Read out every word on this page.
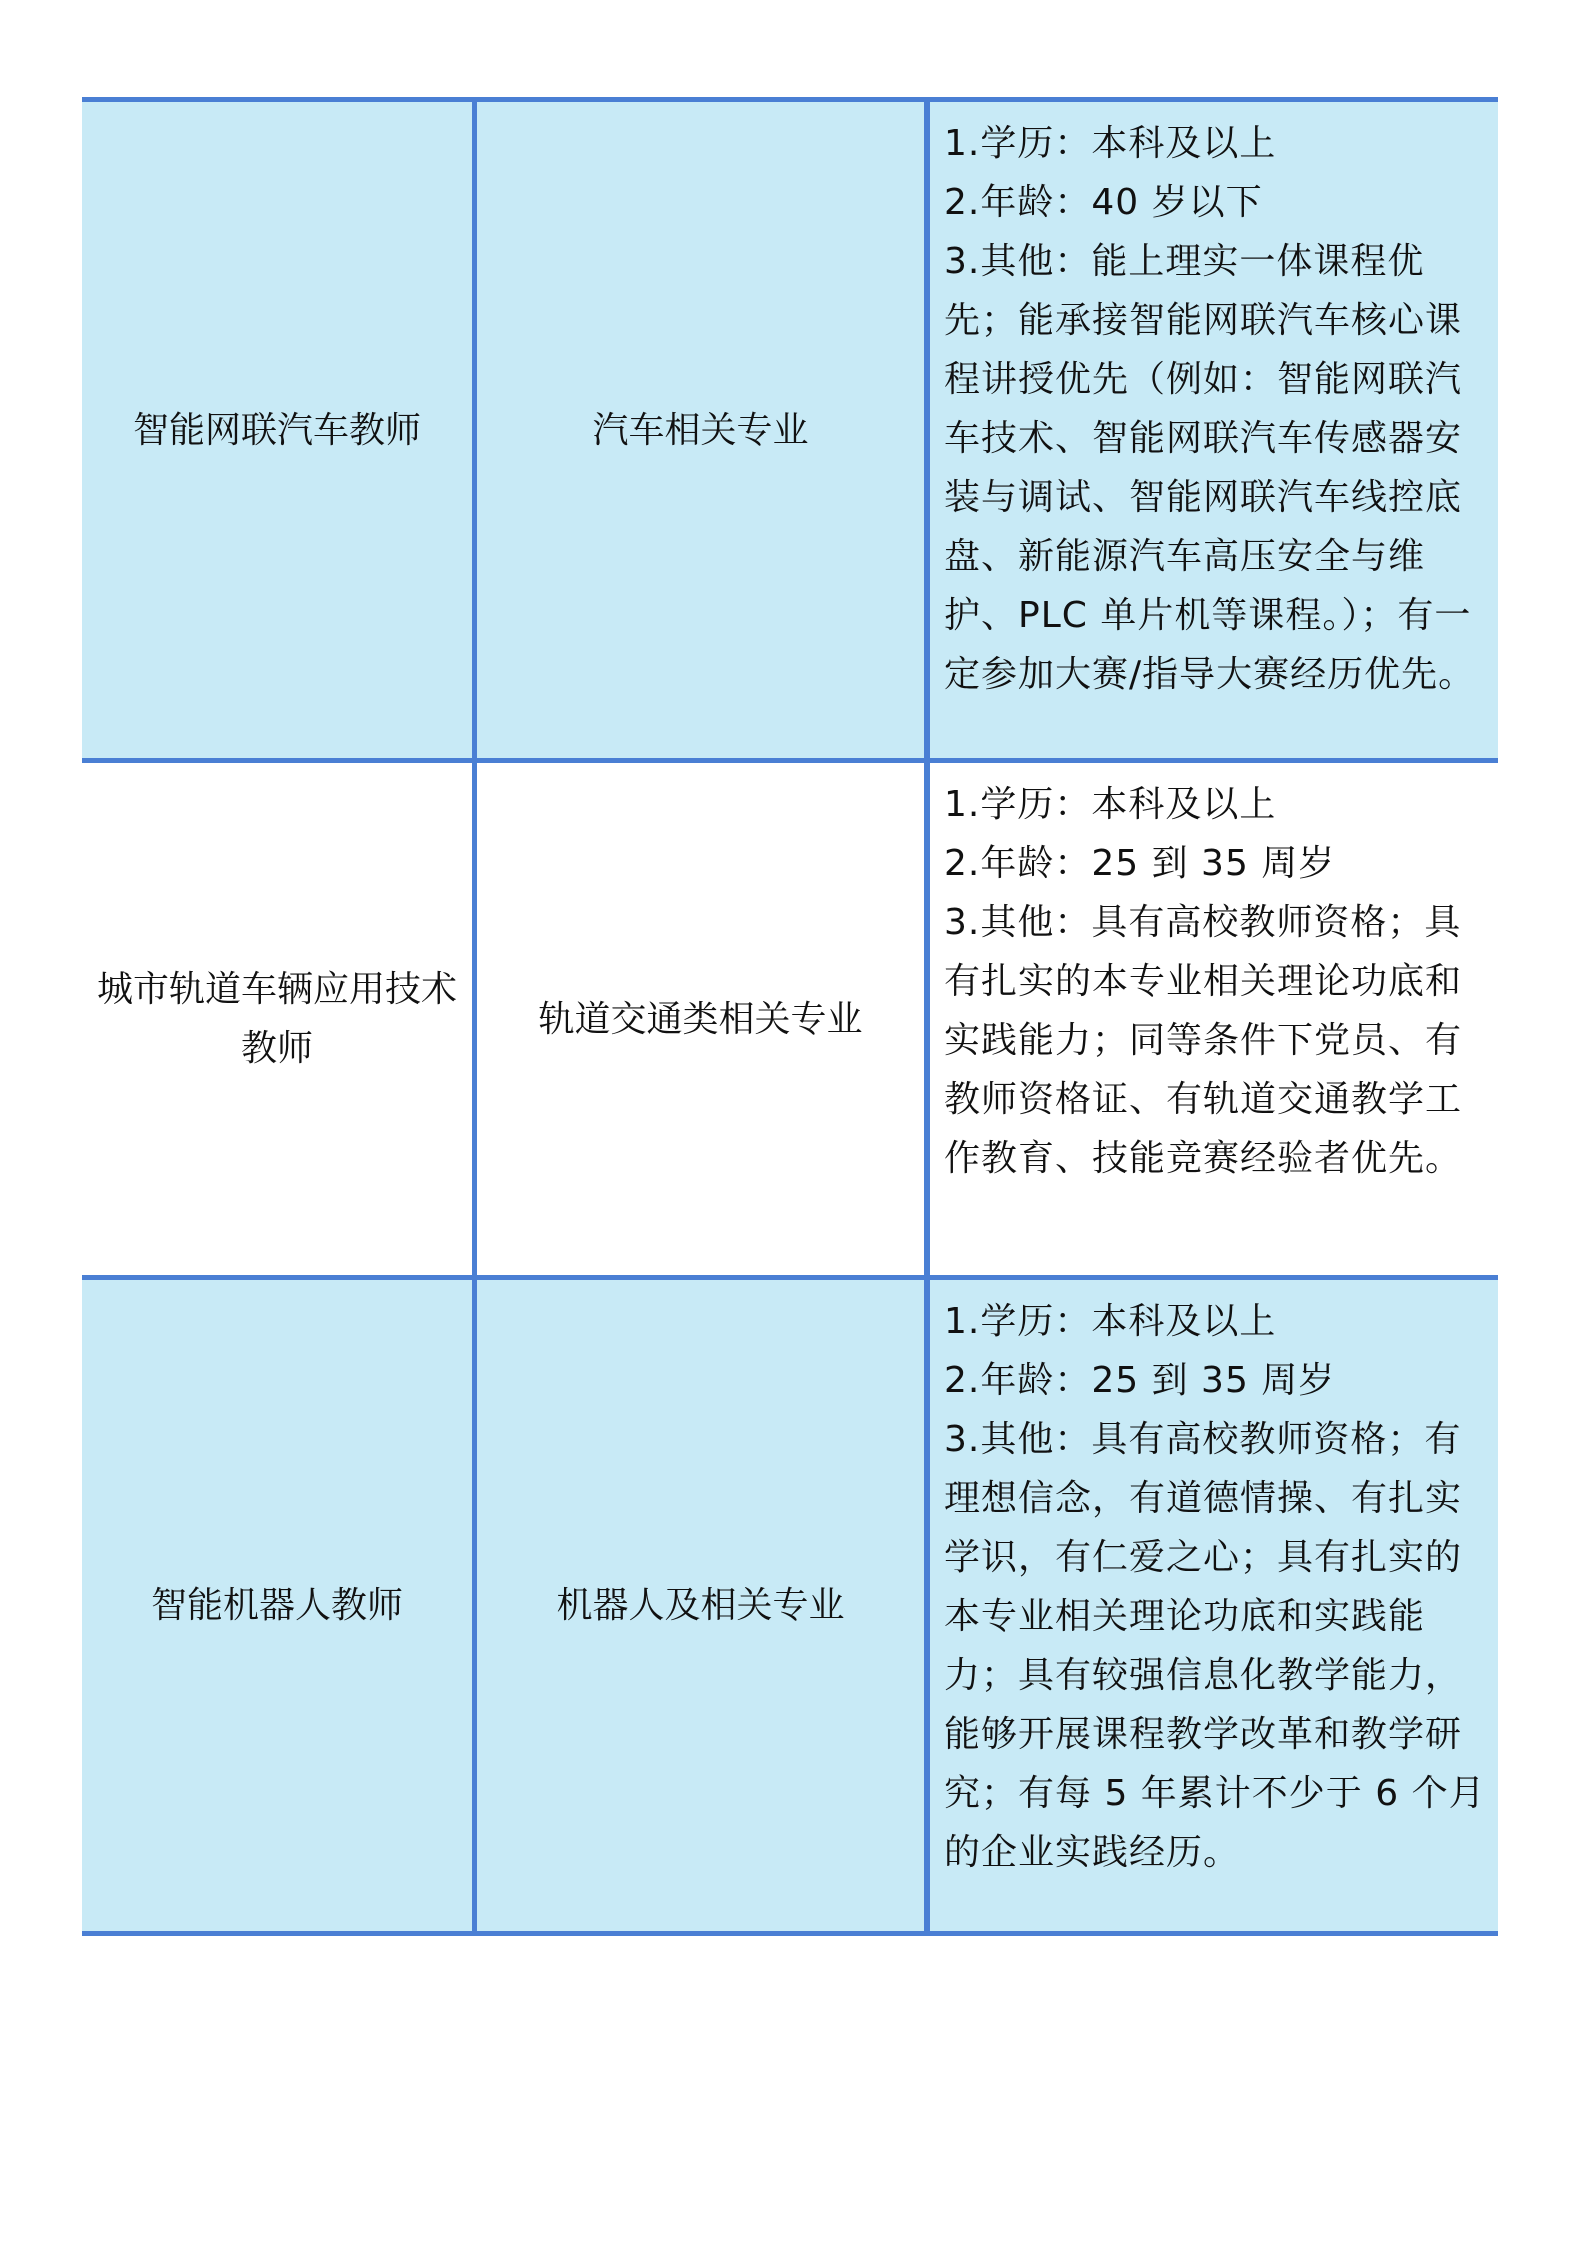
智能网联汽车教师	汽车相关专业
1.学历：本科及以上
2.年龄：40 岁以下
3.其他：能上理实一体课程优先；能承接智能网联汽车核心课程讲授优先（例如：智能网联汽车技术、智能网联汽车传感器安装与调试、智能网联汽车线控底盘、新能源汽车高压安全与维护、PLC 单片机等课程。）；有一定参加大赛/指导大赛经历优先。
城市轨道车辆应用技术教师
轨道交通类相关专业
1.学历：本科及以上
2.年龄：25 到 35 周岁
3.其他：具有高校教师资格；具有扎实的本专业相关理论功底和实践能力；同等条件下党员、有教师资格证、有轨道交通教学工作教育、技能竞赛经验者优先。
智能机器人教师	机器人及相关专业
1.学历：本科及以上
2.年龄：25 到 35 周岁
3.其他：具有高校教师资格；有理想信念，有道德情操、有扎实学识，有仁爱之心；具有扎实的本专业相关理论功底和实践能力；具有较强信息化教学能力，能够开展课程教学改革和教学研究；有每 5 年累计不少于 6 个月的企业实践经历。
